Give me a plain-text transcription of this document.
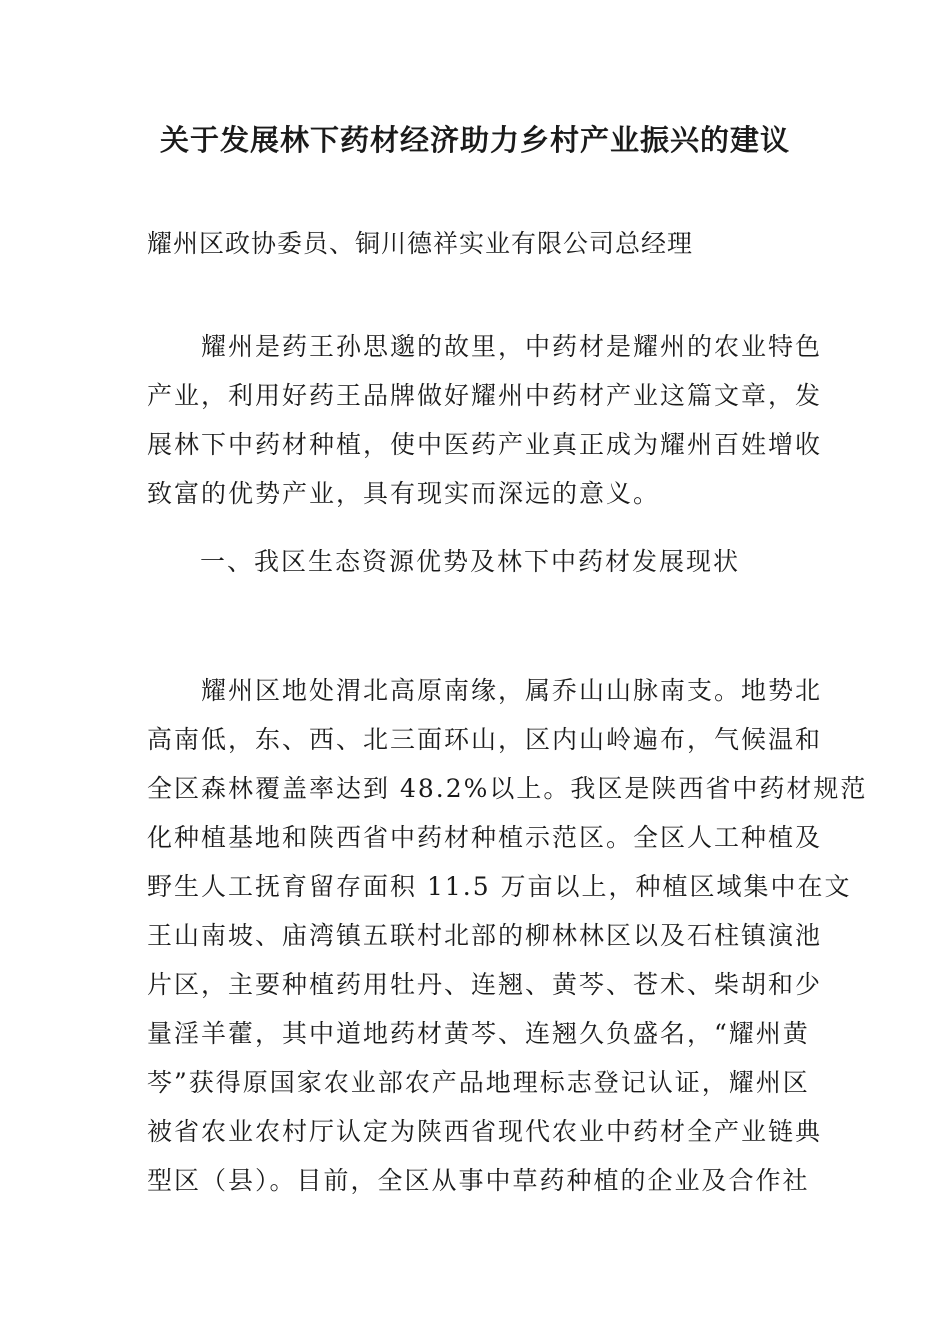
关于发展林下药材经济助力乡村产业振兴的建议
耀州区政协委员、铜川德祥实业有限公司总经理
耀州是药王孙思邈的故里，中药材是耀州的农业特色
产业，利用好药王品牌做好耀州中药材产业这篇文章，发
展林下中药材种植，使中医药产业真正成为耀州百姓增收
致富的优势产业，具有现实而深远的意义。
一、我区生态资源优势及林下中药材发展现状
耀州区地处渭北高原南缘，属乔山山脉南支。地势北
高南低，东、西、北三面环山，区内山岭遍布，气候温和
全区森林覆盖率达到 48.2%以上。我区是陕西省中药材规范
化种植基地和陕西省中药材种植示范区。全区人工种植及
野生人工抚育留存面积 11.5 万亩以上，种植区域集中在文
王山南坡、庙湾镇五联村北部的柳林林区以及石柱镇演池
片区，主要种植药用牡丹、连翘、黄芩、苍术、柴胡和少
量淫羊藿，其中道地药材黄芩、连翘久负盛名，“耀州黄
芩”获得原国家农业部农产品地理标志登记认证，耀州区
被省农业农村厅认定为陕西省现代农业中药材全产业链典
型区（县）。目前，全区从事中草药种植的企业及合作社
